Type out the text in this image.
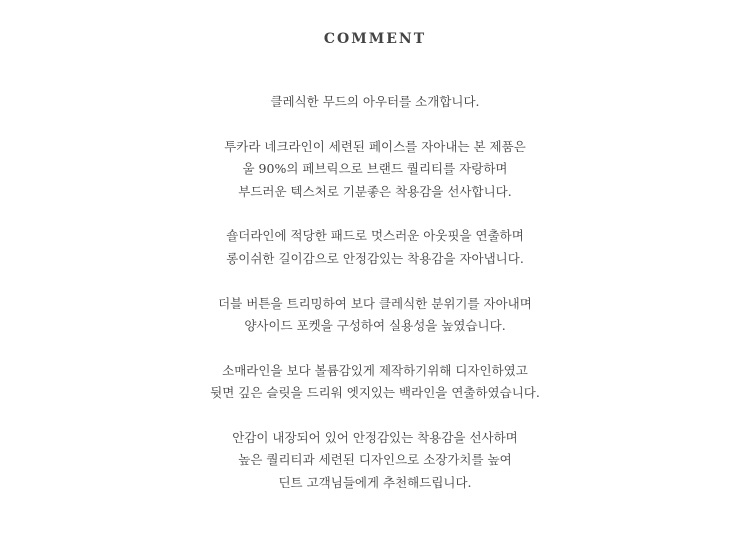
COMMENT

클레식한 무드의 아우터를 소개합니다.

투카라 네크라인이 세련된 페이스를 자아내는 본 제품은
울 90%의 페브릭으로 브랜드 퀄리티를 자랑하며
부드러운 텍스처로 기분좋은 착용감을 선사합니다.

숄더라인에 적당한 패드로 멋스러운 아웃핏을 연출하며
롱이쉬한 길이감으로 안정감있는 착용감을 자아냅니다.

더블 버튼을 트리밍하여 보다 클레식한 분위기를 자아내며
양사이드 포켓을 구성하여 실용성을 높였습니다.

소매라인을 보다 볼륨감있게 제작하기위해 디자인하였고
뒷면 깊은 슬릿을 드리워 엣지있는 백라인을 연출하였습니다.

안감이 내장되어 있어 안정감있는 착용감을 선사하며
높은 퀄리티과 세련된 디자인으로 소장가치를 높여
딘트 고객님들에게 추천해드립니다.
